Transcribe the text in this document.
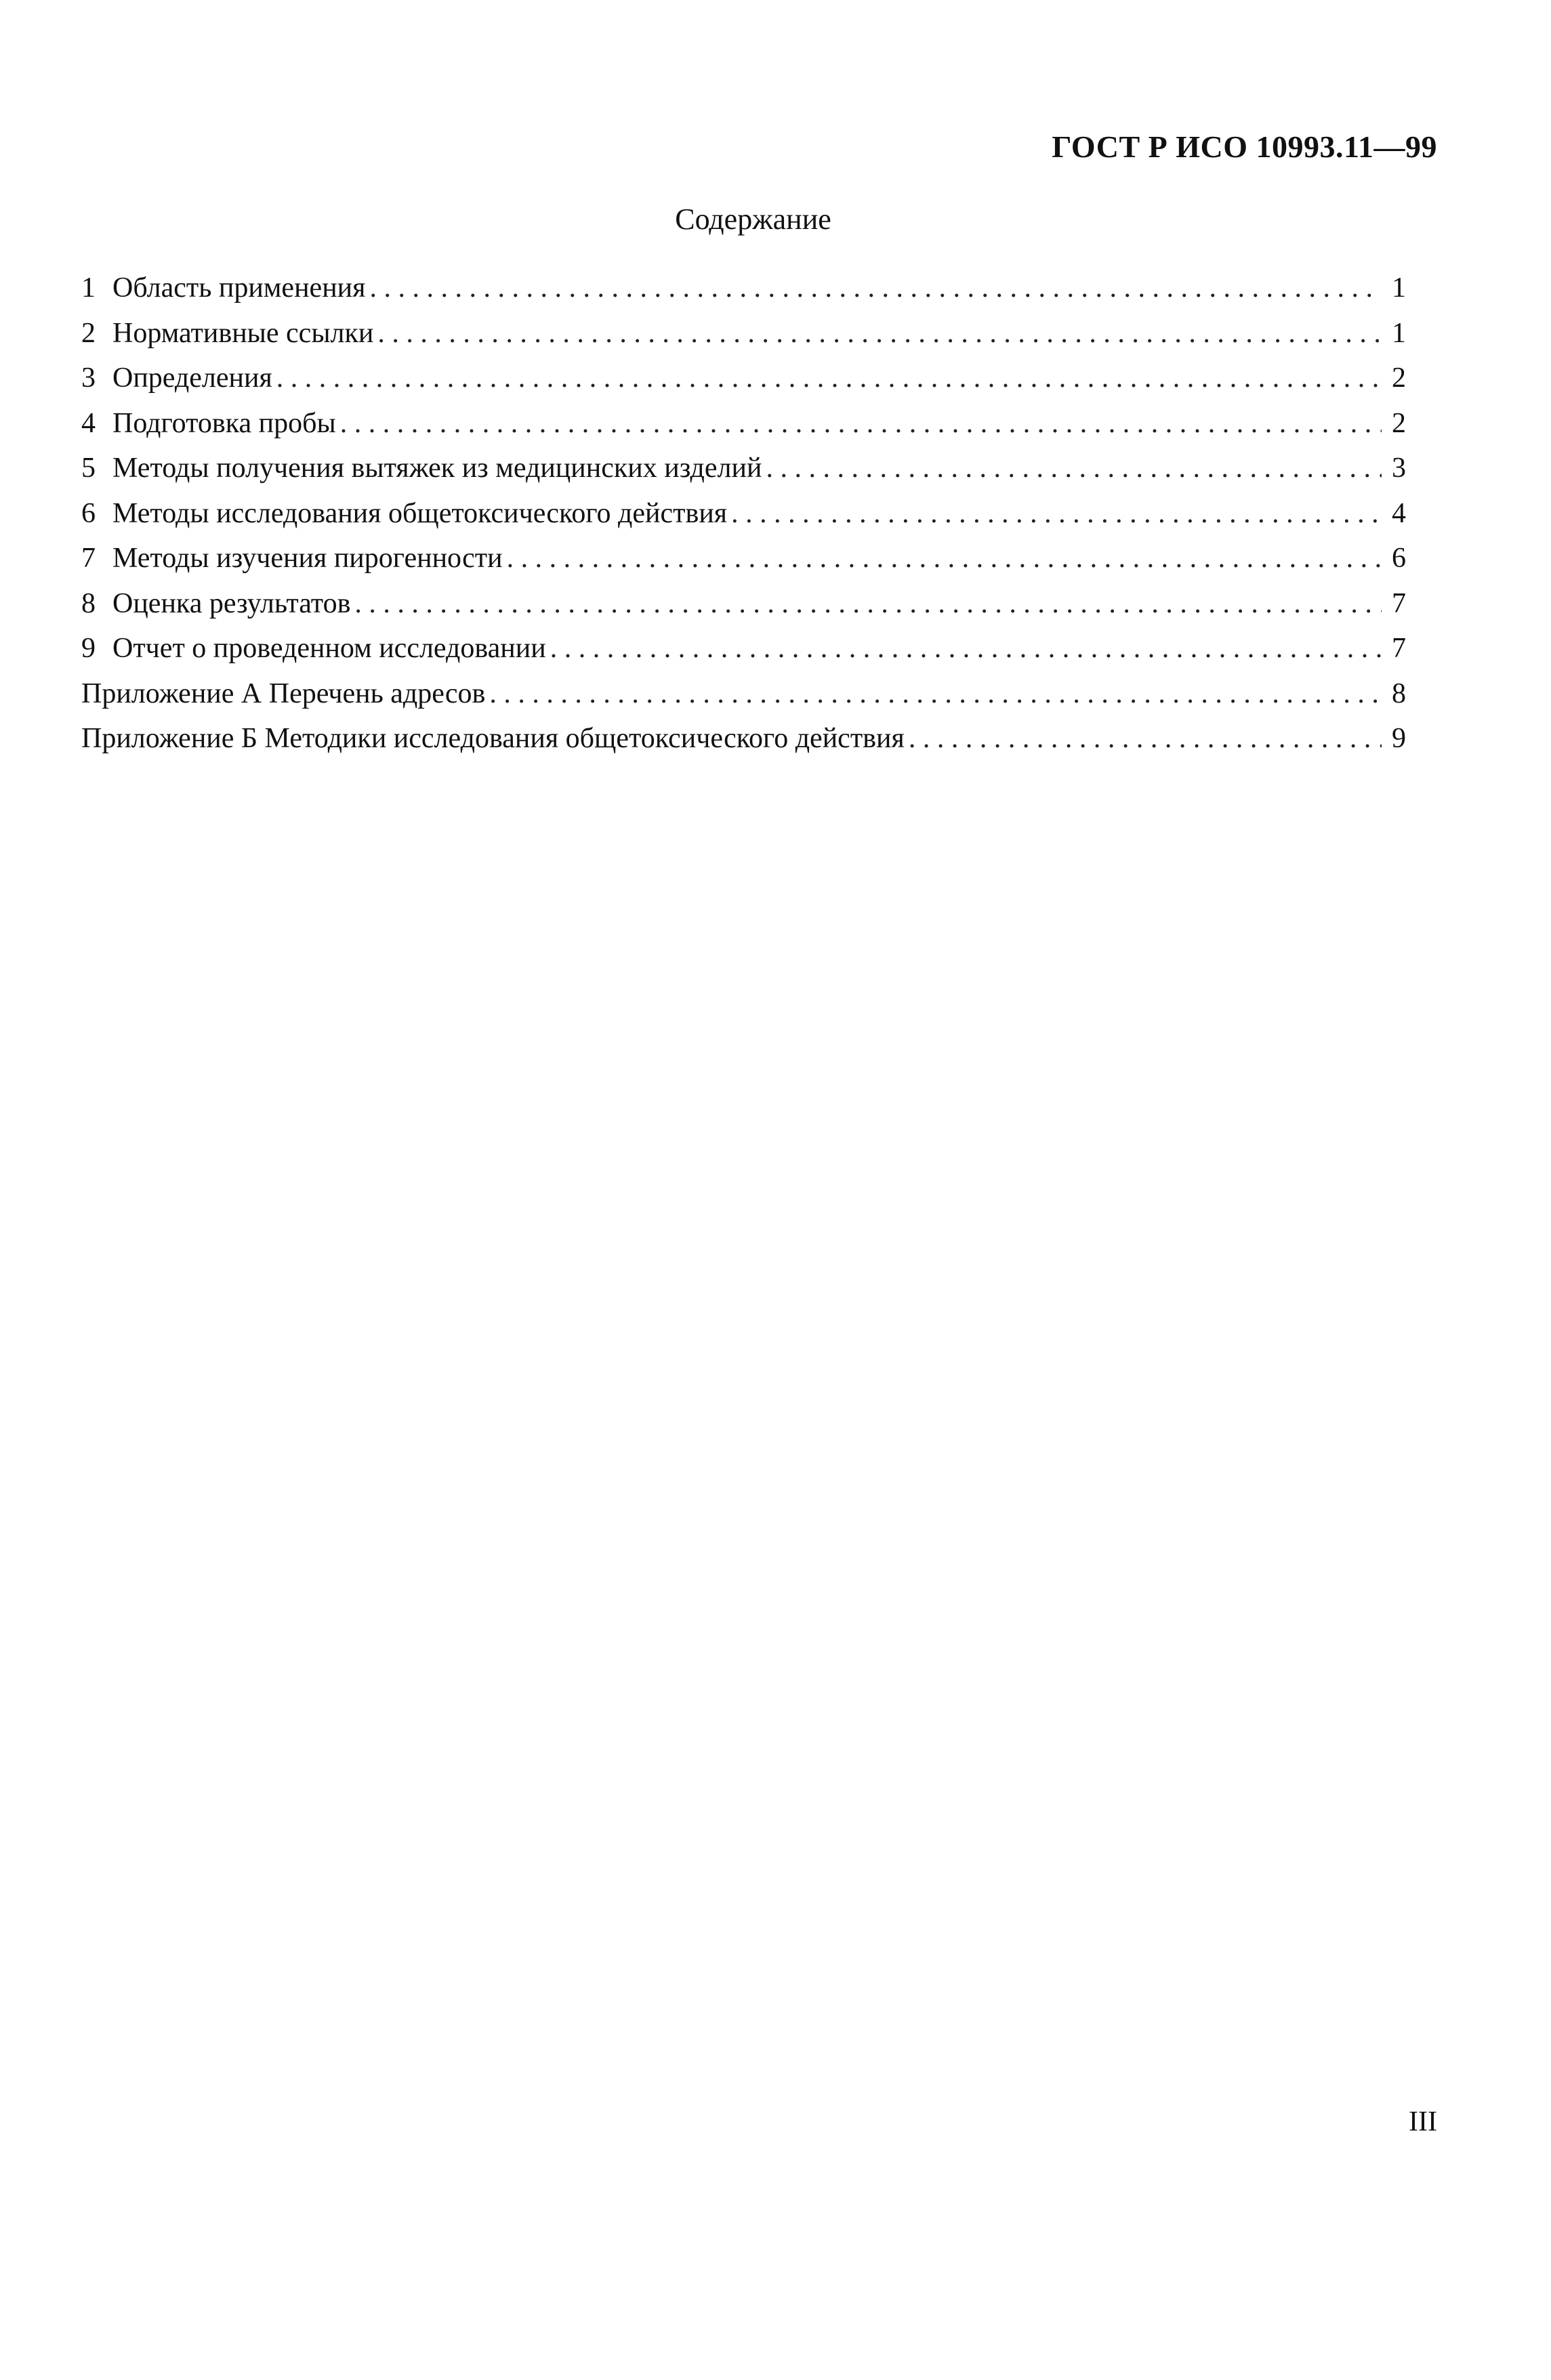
ГОСТ Р ИСО 10993.11—99
Содержание
1 Область применения . . .	1
2 Нормативные ссылки . . .	1
3 Определения . . .	2
4 Подготовка пробы . . .	2
5 Методы получения вытяжек из медицинских изделий . . .	3
6 Методы исследования общетоксического действия . . .	4
7 Методы изучения пирогенности . . .	6
8 Оценка результатов . . .	7
9 Отчет о проведенном исследовании . . .	7
Приложение А Перечень адресов . . .	8
Приложение Б Методики исследования общетоксического действия . . .	9

III
